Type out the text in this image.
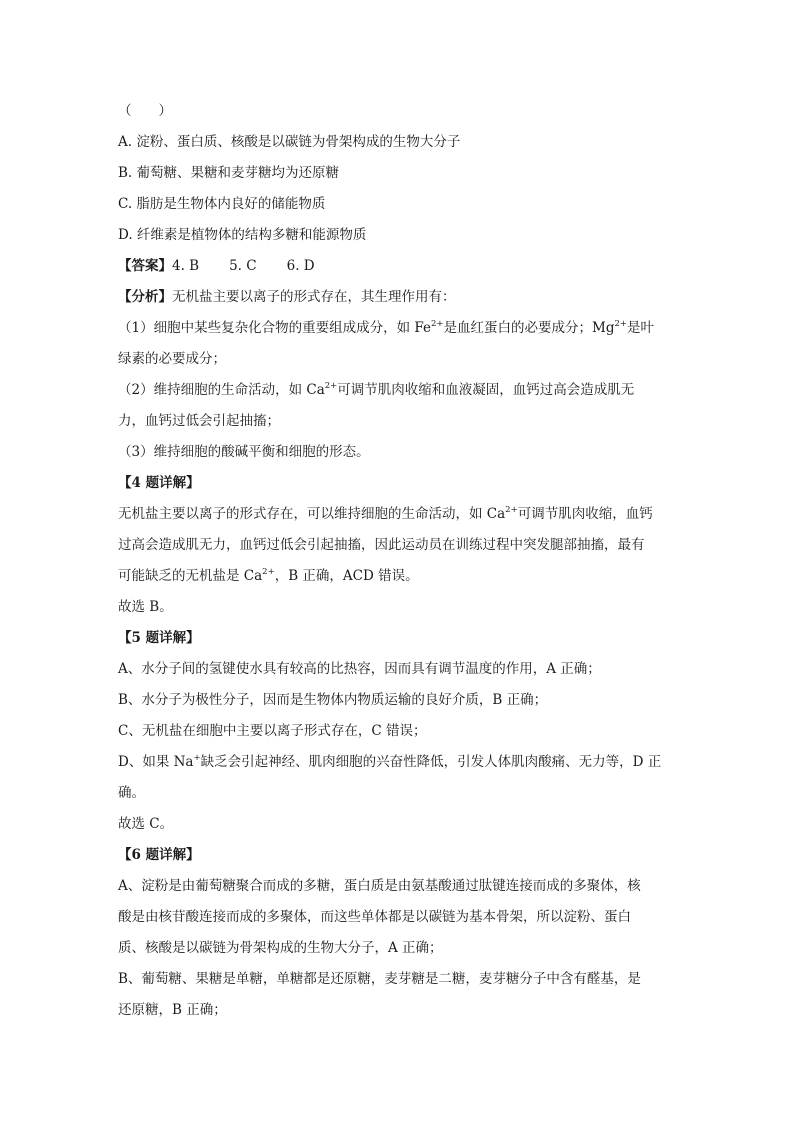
（　　）
A. 淀粉、蛋白质、核酸是以碳链为骨架构成的生物大分子
B. 葡萄糖、果糖和麦芽糖均为还原糖
C. 脂肪是生物体内良好的储能物质
D. 纤维素是植物体的结构多糖和能源物质
【答案】4. B 5. C 6. D
【分析】无机盐主要以离子的形式存在，其生理作用有：
（1）细胞中某些复杂化合物的重要组成成分，如 $Fe^{2+}$是血红蛋白的必要成分；$Mg^{2+}$是叶
绿素的必要成分；
（2）维持细胞的生命活动，如 $Ca^{2+}$可调节肌肉收缩和血液凝固，血钙过高会造成肌无
力，血钙过低会引起抽搐；
（3）维持细胞的酸碱平衡和细胞的形态。
【4 题详解】
无机盐主要以离子的形式存在，可以维持细胞的生命活动，如 $Ca^{2+}$可调节肌肉收缩，血钙
过高会造成肌无力，血钙过低会引起抽搐，因此运动员在训练过程中突发腿部抽搐，最有
可能缺乏的无机盐是 $Ca^{2+}$，B 正确，ACD 错误。
故选 B。
【5 题详解】
A、水分子间的氢键使水具有较高的比热容，因而具有调节温度的作用，A 正确；
B、水分子为极性分子，因而是生物体内物质运输的良好介质，B 正确；
C、无机盐在细胞中主要以离子形式存在，C 错误；
D、如果 Na+缺乏会引起神经、肌肉细胞的兴奋性降低，引发人体肌肉酸痛、无力等，D 正
确。
故选 C。
【6 题详解】
A、淀粉是由葡萄糖聚合而成的多糖，蛋白质是由氨基酸通过肽键连接而成的多聚体，核
酸是由核苷酸连接而成的多聚体，而这些单体都是以碳链为基本骨架，所以淀粉、蛋白
质、核酸是以碳链为骨架构成的生物大分子，A 正确；
B、葡萄糖、果糖是单糖，单糖都是还原糖，麦芽糖是二糖，麦芽糖分子中含有醛基，是
还原糖，B 正确；
